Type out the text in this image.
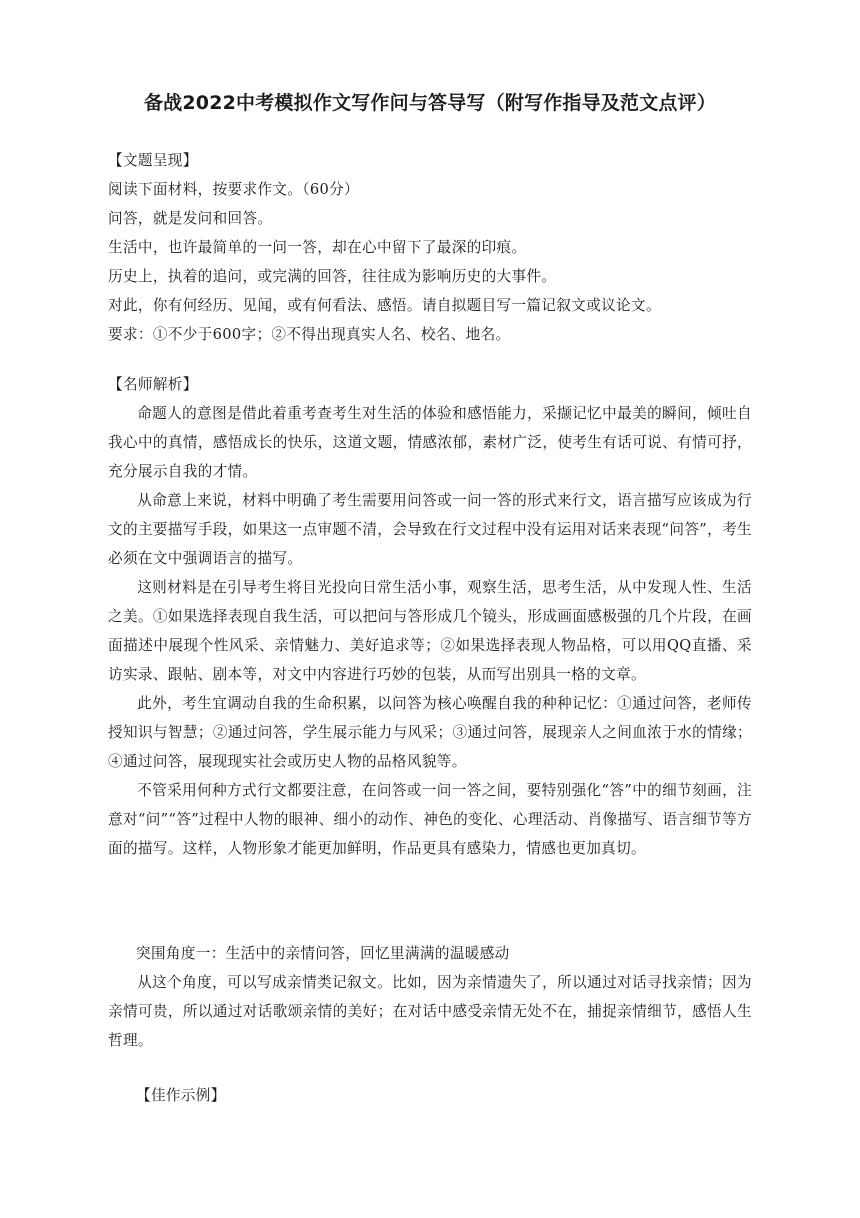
备战2022中考模拟作文写作问与答导写（附写作指导及范文点评）
【文题呈现】
阅读下面材料，按要求作文。（60分）
问答，就是发问和回答。
生活中，也许最简单的一问一答，却在心中留下了最深的印痕。
历史上，执着的追问，或完满的回答，往往成为影响历史的大事件。
对此，你有何经历、见闻，或有何看法、感悟。请自拟题目写一篇记叙文或议论文。
要求：①不少于600字；②不得出现真实人名、校名、地名。
【名师解析】
命题人的意图是借此着重考查考生对生活的体验和感悟能力，采撷记忆中最美的瞬间，倾吐自我心中的真情，感悟成长的快乐，这道文题，情感浓郁，素材广泛，使考生有话可说、有情可抒，充分展示自我的才情。
从命意上来说，材料中明确了考生需要用问答或一问一答的形式来行文，语言描写应该成为行文的主要描写手段，如果这一点审题不清，会导致在行文过程中没有运用对话来表现“问答”，考生必须在文中强调语言的描写。
这则材料是在引导考生将目光投向日常生活小事，观察生活，思考生活，从中发现人性、生活之美。①如果选择表现自我生活，可以把问与答形成几个镜头，形成画面感极强的几个片段，在画面描述中展现个性风采、亲情魅力、美好追求等；②如果选择表现人物品格，可以用QQ直播、采访实录、跟帖、剧本等，对文中内容进行巧妙的包装，从而写出别具一格的文章。
此外，考生宜调动自我的生命积累，以问答为核心唤醒自我的种种记忆：①通过问答，老师传授知识与智慧；②通过问答，学生展示能力与风采；③通过问答，展现亲人之间血浓于水的情缘；④通过问答，展现现实社会或历史人物的品格风貌等。
不管采用何种方式行文都要注意，在问答或一问一答之间，要特别强化“答”中的细节刻画，注意对“问”“答”过程中人物的眼神、细小的动作、神色的变化、心理活动、肖像描写、语言细节等方面的描写。这样，人物形象才能更加鲜明，作品更具有感染力，情感也更加真切。
突围角度一：生活中的亲情问答，回忆里满满的温暖感动
从这个角度，可以写成亲情类记叙文。比如，因为亲情遗失了，所以通过对话寻找亲情；因为亲情可贵，所以通过对话歌颂亲情的美好；在对话中感受亲情无处不在，捕捉亲情细节，感悟人生哲理。
【佳作示例】
